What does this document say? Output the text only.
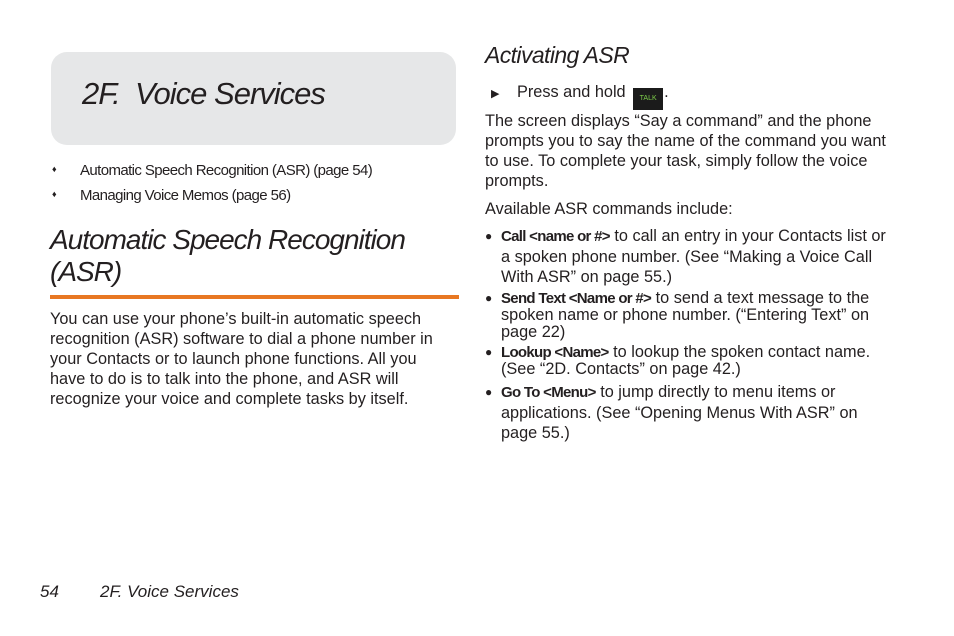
2F.  Voice Services
♦ Automatic Speech Recognition (ASR) (page 54)
♦ Managing Voice Memos (page 56)
Automatic Speech Recognition (ASR)

You can use your phone’s built-in automatic speech recognition (ASR) software to dial a phone number in your Contacts or to launch phone functions. All you have to do is to talk into the phone, and ASR will recognize your voice and complete tasks by itself.

Activating ASR
▶ Press and hold TALK .

The screen displays “Say a command” and the phone prompts you to say the name of the command you want to use. To complete your task, simply follow the voice prompts.

Available ASR commands include:

● Call <name or #> to call an entry in your Contacts list or a spoken phone number. (See “Making a Voice Call With ASR” on page 55.)
● Send Text <Name or #> to send a text message to the spoken name or phone number. (“Entering Text” on page 22)
● Lookup <Name> to lookup the spoken contact name. (See “2D. Contacts” on page 42.)
● Go To <Menu> to jump directly to menu items or applications. (See “Opening Menus With ASR” on page 55.)
54 2F. Voice Services
